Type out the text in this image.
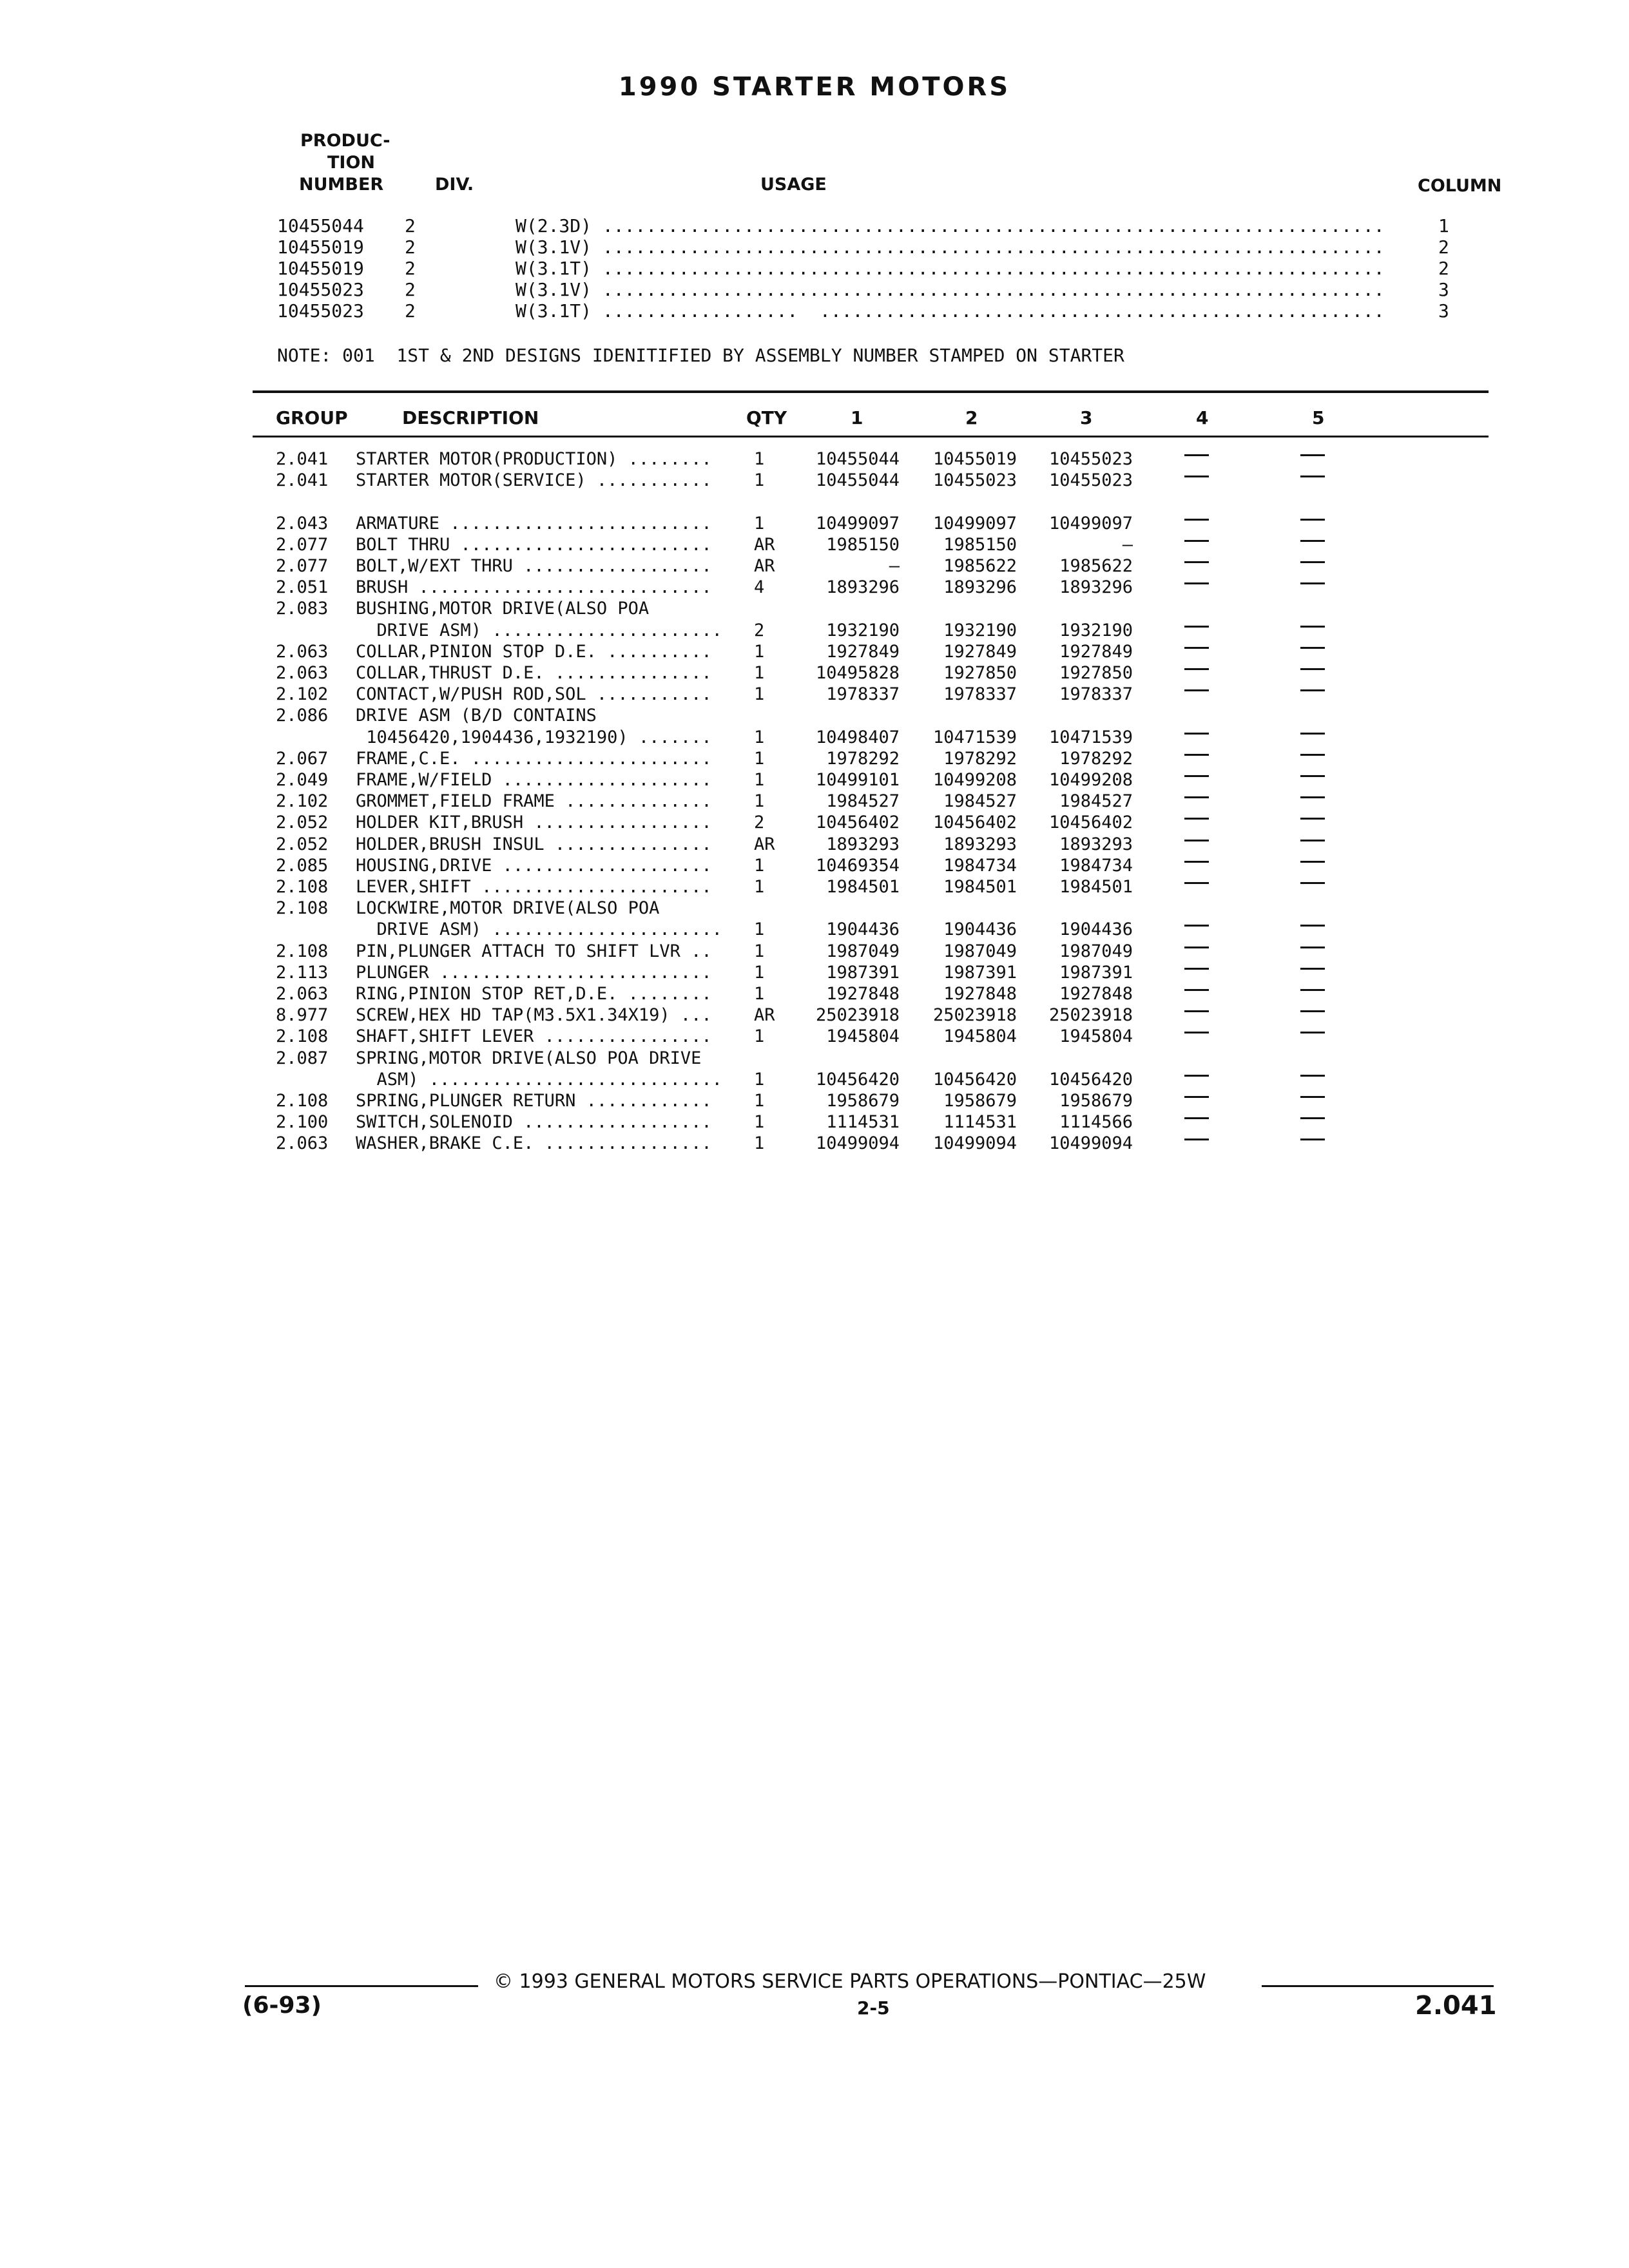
1990 STARTER MOTORS
PRODUC-
TION
NUMBER	DIV.	USAGE	COLUMN
10455044 2	W(2.3D) ........................................................................	1
10455019 2	W(3.1V) ........................................................................	2
10455019 2	W(3.1T) ........................................................................	2
10455023 2	W(3.1V) ........................................................................	3
10455023 2	W(3.1T) ..................  ....................................................	3
NOTE: 001  1ST & 2ND DESIGNS IDENITIFIED BY ASSEMBLY NUMBER STAMPED ON STARTER
GROUP	DESCRIPTION	QTY	1	2	3	4	5
2.041 STARTER MOTOR(PRODUCTION) ........ 1	10455044	10455019	10455023
2.041 STARTER MOTOR(SERVICE) ........... 1	10455044	10455023	10455023
2.043 ARMATURE ......................... 1	10499097	10499097	10499097
2.077 BOLT THRU ........................ AR	1985150	1985150	—
2.077 BOLT,W/EXT THRU .................. AR	—	1985622	1985622
2.051 BRUSH ............................ 4	1893296	1893296	1893296
2.083 BUSHING,MOTOR DRIVE(ALSO POA
DRIVE ASM) ...................... 2	1932190	1932190	1932190
2.063 COLLAR,PINION STOP D.E. .......... 1	1927849	1927849	1927849
2.063 COLLAR,THRUST D.E. ............... 1	10495828	1927850	1927850
2.102 CONTACT,W/PUSH ROD,SOL ........... 1	1978337	1978337	1978337
2.086 DRIVE ASM (B/D CONTAINS
10456420,1904436,1932190) ....... 1	10498407	10471539	10471539
2.067 FRAME,C.E. ....................... 1	1978292	1978292	1978292
2.049 FRAME,W/FIELD .................... 1	10499101	10499208	10499208
2.102 GROMMET,FIELD FRAME .............. 1	1984527	1984527	1984527
2.052 HOLDER KIT,BRUSH ................. 2	10456402	10456402	10456402
2.052 HOLDER,BRUSH INSUL ............... AR	1893293	1893293	1893293
2.085 HOUSING,DRIVE .................... 1	10469354	1984734	1984734
2.108 LEVER,SHIFT ...................... 1	1984501	1984501	1984501
2.108 LOCKWIRE,MOTOR DRIVE(ALSO POA
DRIVE ASM) ...................... 1	1904436	1904436	1904436
2.108 PIN,PLUNGER ATTACH TO SHIFT LVR .. 1	1987049	1987049	1987049
2.113 PLUNGER .......................... 1	1987391	1987391	1987391
2.063 RING,PINION STOP RET,D.E. ........ 1	1927848	1927848	1927848
8.977 SCREW,HEX HD TAP(M3.5X1.34X19) ... AR	25023918	25023918	25023918
2.108 SHAFT,SHIFT LEVER ................ 1	1945804	1945804	1945804
2.087 SPRING,MOTOR DRIVE(ALSO POA DRIVE
ASM) ............................ 1	10456420	10456420	10456420
2.108 SPRING,PLUNGER RETURN ............ 1	1958679	1958679	1958679
2.100 SWITCH,SOLENOID .................. 1	1114531	1114531	1114566
2.063 WASHER,BRAKE C.E. ................ 1	10499094	10499094	10499094
© 1993 GENERAL MOTORS SERVICE PARTS OPERATIONS—PONTIAC—25W
(6-93)	2-5	2.041
